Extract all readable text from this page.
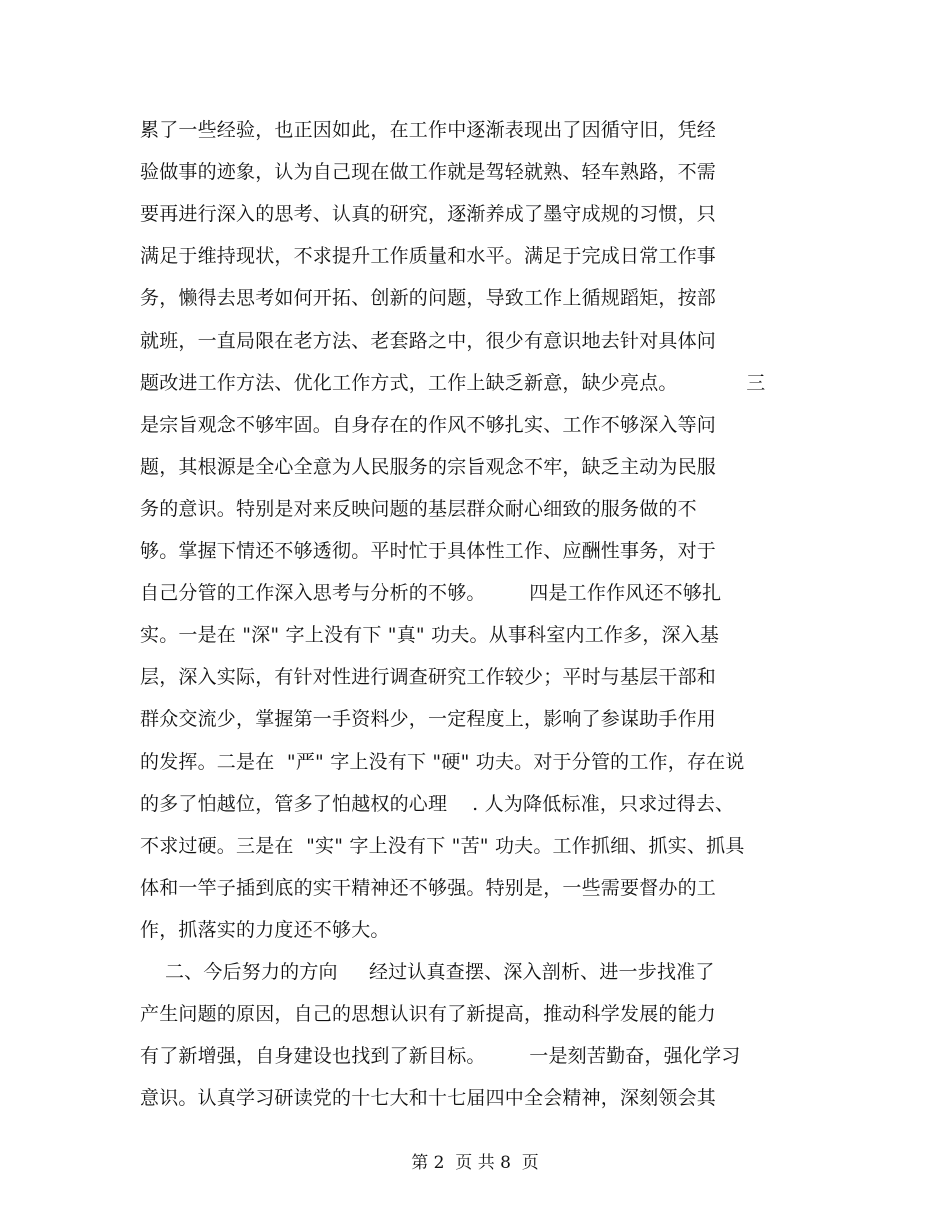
累了一些经验，也正因如此，在工作中逐渐表现出了因循守旧，凭经
验做事的迹象，认为自己现在做工作就是驾轻就熟、轻车熟路，不需
要再进行深入的思考、认真的研究，逐渐养成了墨守成规的习惯，只
满足于维持现状，不求提升工作质量和水平。满足于完成日常工作事
务，懒得去思考如何开拓、创新的问题，导致工作上循规蹈矩，按部
就班，一直局限在老方法、老套路之中，很少有意识地去针对具体问
题改进工作方法、优化工作方式，工作上缺乏新意，缺少亮点。           三
是宗旨观念不够牢固。自身存在的作风不够扎实、工作不够深入等问
题，其根源是全心全意为人民服务的宗旨观念不牢，缺乏主动为民服
务的意识。特别是对来反映问题的基层群众耐心细致的服务做的不
够。掌握下情还不够透彻。平时忙于具体性工作、应酬性事务，对于
自己分管的工作深入思考与分析的不够。       四是工作作风还不够扎
实。一是在 "深" 字上没有下 "真" 功夫。从事科室内工作多，深入基
层，深入实际，有针对性进行调查研究工作较少；平时与基层干部和
群众交流少，掌握第一手资料少，一定程度上，影响了参谋助手作用
的发挥。二是在  "严" 字上没有下 "硬" 功夫。对于分管的工作，存在说
的多了怕越位，管多了怕越权的心理    . 人为降低标准，只求过得去、
不求过硬。三是在  "实" 字上没有下 "苦" 功夫。工作抓细、抓实、抓具
体和一竿子插到底的实干精神还不够强。特别是，一些需要督办的工
作，抓落实的力度还不够大。
二、今后努力的方向     经过认真查摆、深入剖析、进一步找准了
产生问题的原因，自己的思想认识有了新提高，推动科学发展的能力
有了新增强，自身建设也找到了新目标。       一是刻苦勤奋，强化学习
意识。认真学习研读党的十七大和十七届四中全会精神，深刻领会其
第 2  页 共 8  页
